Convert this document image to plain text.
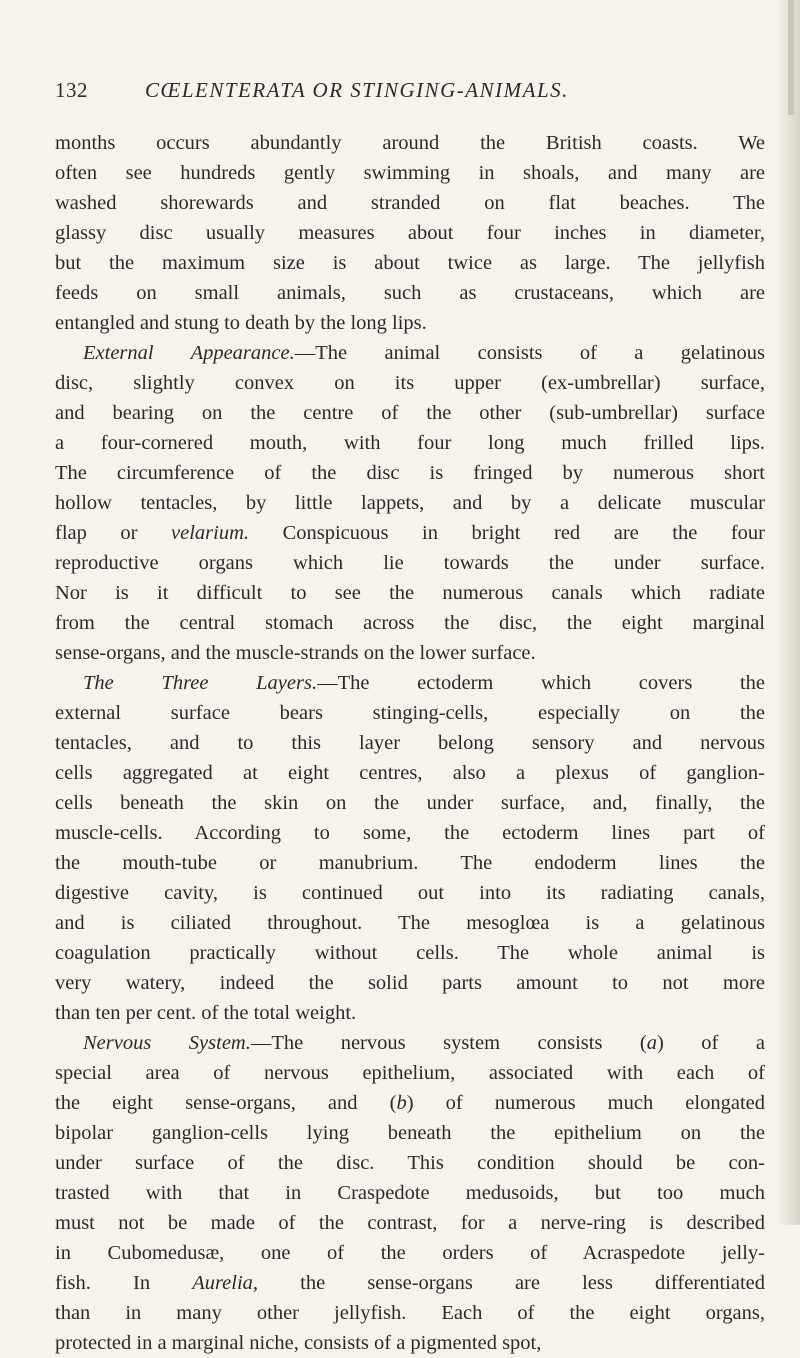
132	CŒLENTERATA OR STINGING-ANIMALS.
months occurs abundantly around the British coasts. We
often see hundreds gently swimming in shoals, and many are
washed shorewards and stranded on flat beaches. The
glassy disc usually measures about four inches in diameter,
but the maximum size is about twice as large. The jellyfish
feeds on small animals, such as crustaceans, which are
entangled and stung to death by the long lips.
External Appearance.—The animal consists of a gelatinous
disc, slightly convex on its upper (ex-umbrellar) surface,
and bearing on the centre of the other (sub-umbrellar) surface
a four-cornered mouth, with four long much frilled lips.
The circumference of the disc is fringed by numerous short
hollow tentacles, by little lappets, and by a delicate muscular
flap or velarium. Conspicuous in bright red are the four
reproductive organs which lie towards the under surface.
Nor is it difficult to see the numerous canals which radiate
from the central stomach across the disc, the eight marginal
sense-organs, and the muscle-strands on the lower surface.
The Three Layers.—The ectoderm which covers the
external surface bears stinging-cells, especially on the
tentacles, and to this layer belong sensory and nervous
cells aggregated at eight centres, also a plexus of ganglion-
cells beneath the skin on the under surface, and, finally, the
muscle-cells. According to some, the ectoderm lines part of
the mouth-tube or manubrium. The endoderm lines the
digestive cavity, is continued out into its radiating canals,
and is ciliated throughout. The mesoglœa is a gelatinous
coagulation practically without cells. The whole animal is
very watery, indeed the solid parts amount to not more
than ten per cent. of the total weight.
Nervous System.—The nervous system consists (a) of a
special area of nervous epithelium, associated with each of
the eight sense-organs, and (b) of numerous much elongated
bipolar ganglion-cells lying beneath the epithelium on the
under surface of the disc. This condition should be con-
trasted with that in Craspedote medusoids, but too much
must not be made of the contrast, for a nerve-ring is described
in Cubomedusæ, one of the orders of Acraspedote jelly-
fish. In Aurelia, the sense-organs are less differentiated
than in many other jellyfish. Each of the eight organs,
protected in a marginal niche, consists of a pigmented spot,
